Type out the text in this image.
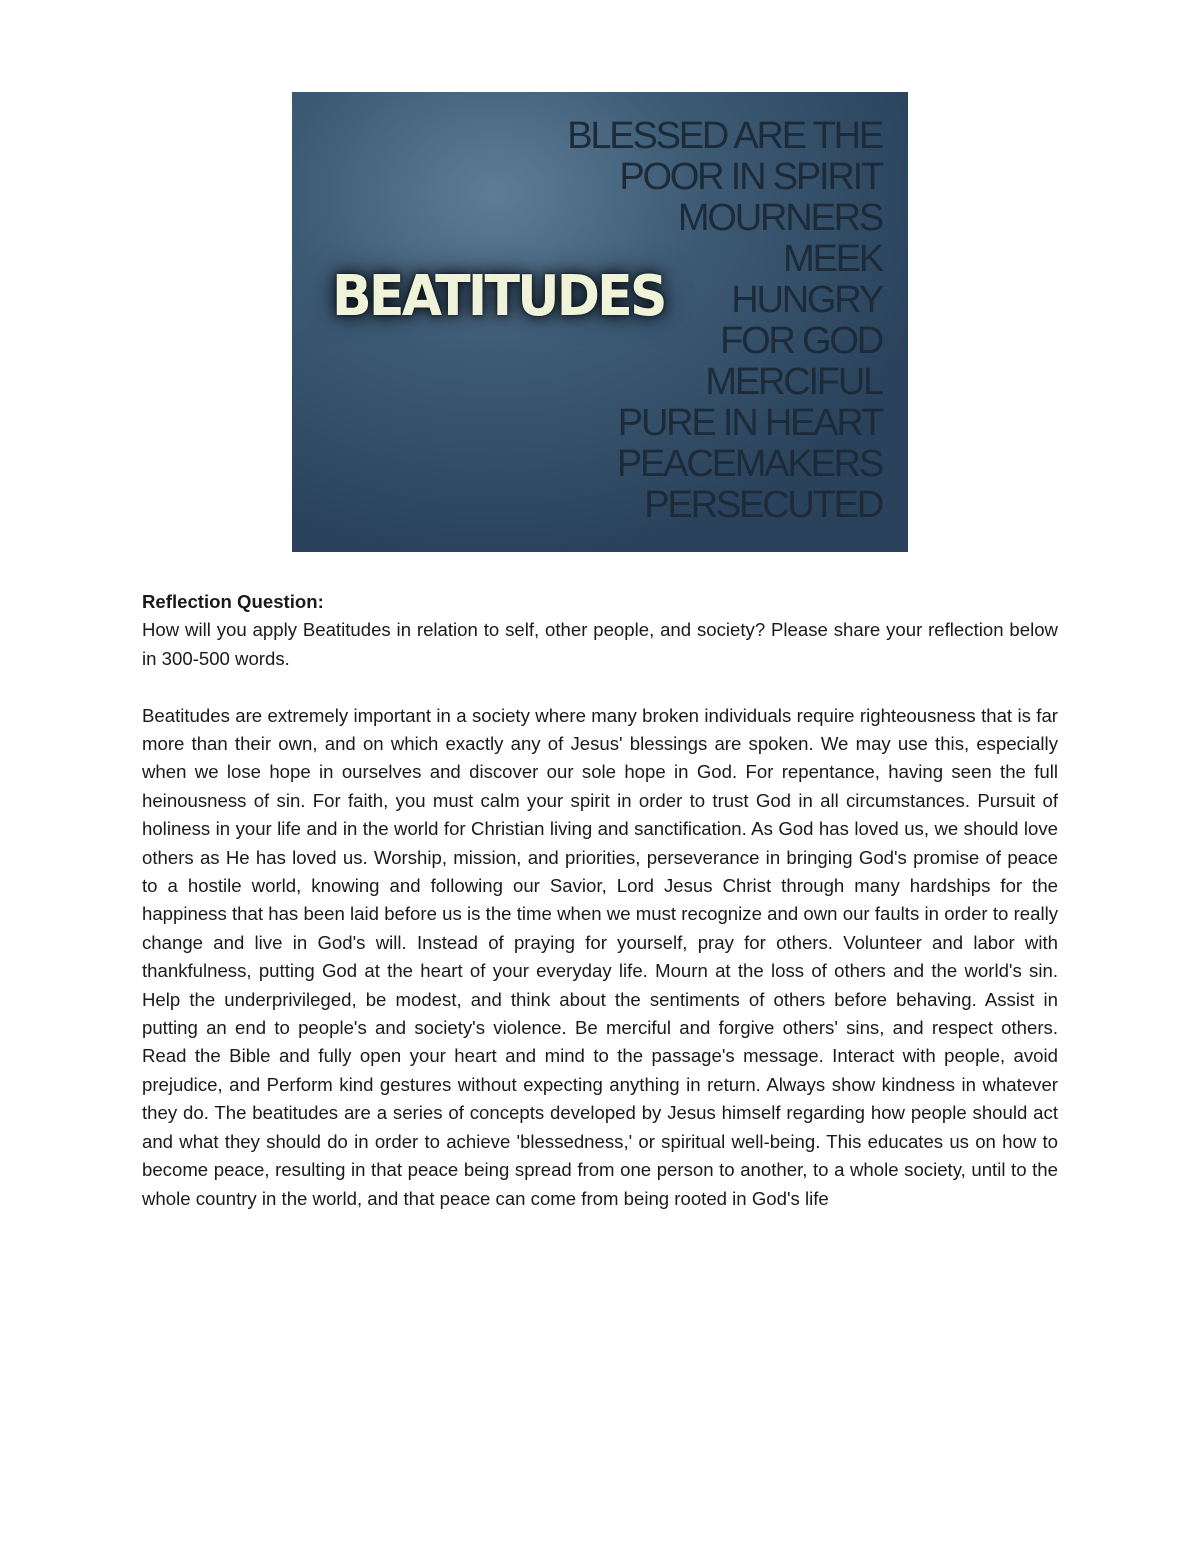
BEATITUDES
BLESSED ARE THE
POOR IN SPIRIT
MOURNERS
MEEK
HUNGRY
FOR GOD
MERCIFUL
PURE IN HEART
PEACEMAKERS
PERSECUTED

Reflection Question:

How will you apply Beatitudes in relation to self, other people, and society? Please share your reflection below in 300-500 words.

Beatitudes are extremely important in a society where many broken individuals require righteousness that is far more than their own, and on which exactly any of Jesus' blessings are spoken. We may use this, especially when we lose hope in ourselves and discover our sole hope in God. For repentance, having seen the full heinousness of sin. For faith, you must calm your spirit in order to trust God in all circumstances. Pursuit of holiness in your life and in the world for Christian living and sanctification. As God has loved us, we should love others as He has loved us. Worship, mission, and priorities, perseverance in bringing God's promise of peace to a hostile world, knowing and following our Savior, Lord Jesus Christ through many hardships for the happiness that has been laid before us is the time when we must recognize and own our faults in order to really change and live in God's will. Instead of praying for yourself, pray for others. Volunteer and labor with thankfulness, putting God at the heart of your everyday life. Mourn at the loss of others and the world's sin. Help the underprivileged, be modest, and think about the sentiments of others before behaving. Assist in putting an end to people's and society's violence. Be merciful and forgive others' sins, and respect others. Read the Bible and fully open your heart and mind to the passage's message. Interact with people, avoid prejudice, and Perform kind gestures without expecting anything in return. Always show kindness in whatever they do. The beatitudes are a series of concepts developed by Jesus himself regarding how people should act and what they should do in order to achieve 'blessedness,' or spiritual well-being. This educates us on how to become peace, resulting in that peace being spread from one person to another, to a whole society, until to the whole country in the world, and that peace can come from being rooted in God's life
